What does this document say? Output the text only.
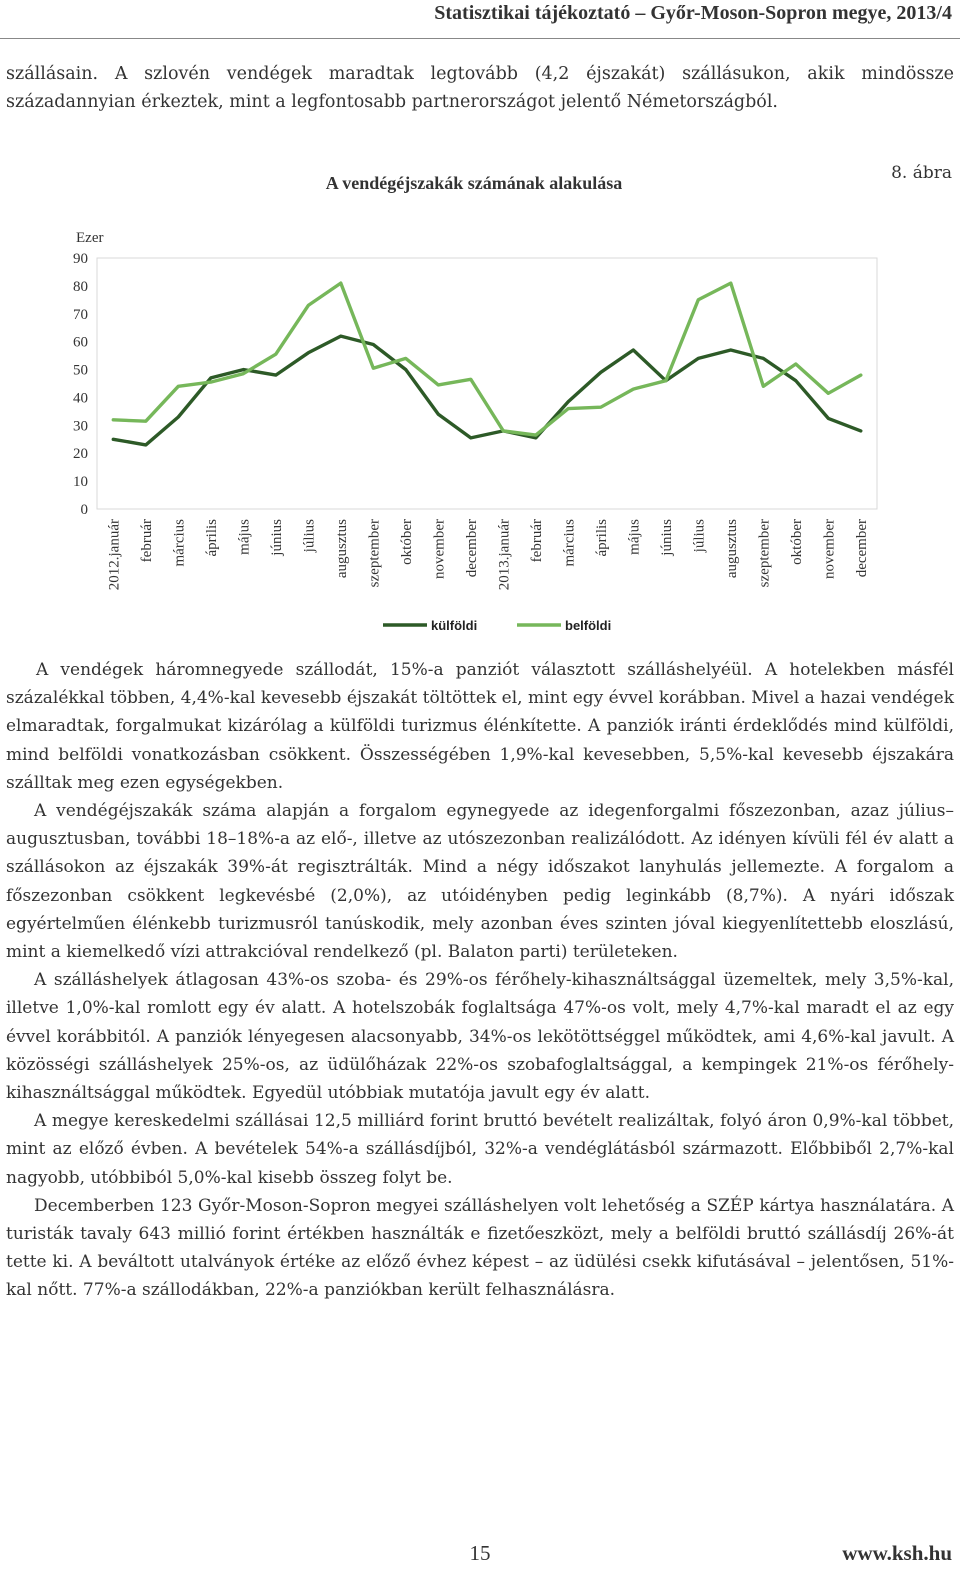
Statisztikai tájékoztató – Győr-Moson-Sopron megye, 2013/4

szállásain. A szlovén vendégek maradtak legtovább (4,2 éjszakát) szállásukon, akik mindössze századannyian érkeztek, mint a legfontosabb partnerországot jelentő Németországból.

8. ábra
A vendégéjszakák számának alakulása
Ezer
0
10
20
30
40
50
60
70
80
90
2012.január február március április május június július augusztus szeptember október november december 2013.január február március április május június július augusztus szeptember október november december
külföldi	belföldi

A vendégek háromnegyede szállodát, 15%-a panziót választott szálláshelyéül. A hotelekben másfél százalékkal többen, 4,4%-kal kevesebb éjszakát töltöttek el, mint egy évvel korábban. Mivel a hazai vendégek elmaradtak, forgalmukat kizárólag a külföldi turizmus élénkítette. A panziók iránti érdeklődés mind külföldi, mind belföldi vonatkozásban csökkent. Összességében 1,9%-kal kevesebben, 5,5%-kal kevesebb éjszakára szálltak meg ezen egységekben.

A vendégéjszakák száma alapján a forgalom egynegyede az idegenforgalmi főszezonban, azaz július–augusztusban, további 18–18%-a az elő-, illetve az utószezonban realizálódott. Az idényen kívüli fél év alatt a szállásokon az éjszakák 39%-át regisztrálták. Mind a négy időszakot lanyhulás jellemezte. A forgalom a főszezonban csökkent legkevésbé (2,0%), az utóidényben pedig leginkább (8,7%). A nyári időszak egyértelműen élénkebb turizmusról tanúskodik, mely azonban éves szinten jóval kiegyenlítettebb eloszlású, mint a kiemelkedő vízi attrakcióval rendelkező (pl. Balaton parti) területeken.

A szálláshelyek átlagosan 43%-os szoba- és 29%-os férőhely-kihasználtsággal üzemeltek, mely 3,5%-kal, illetve 1,0%-kal romlott egy év alatt. A hotelszobák foglaltsága 47%-os volt, mely 4,7%-kal maradt el az egy évvel korábbitól. A panziók lényegesen alacsonyabb, 34%-os lekötöttséggel működtek, ami 4,6%-kal javult. A közösségi szálláshelyek 25%-os, az üdülőházak 22%-os szobafoglaltsággal, a kempingek 21%-os férőhely-kihasználtsággal működtek. Egyedül utóbbiak mutatója javult egy év alatt.

A megye kereskedelmi szállásai 12,5 milliárd forint bruttó bevételt realizáltak, folyó áron 0,9%-kal többet, mint az előző évben. A bevételek 54%-a szállásdíjból, 32%-a vendéglátásból származott. Előbbiből 2,7%-kal nagyobb, utóbbiból 5,0%-kal kisebb összeg folyt be.

Decemberben 123 Győr-Moson-Sopron megyei szálláshelyen volt lehetőség a SZÉP kártya használatára. A turisták tavaly 643 millió forint értékben használták e fizetőeszközt, mely a belföldi bruttó szállásdíj 26%-át tette ki. A beváltott utalványok értéke az előző évhez képest – az üdülési csekk kifutásával – jelentősen, 51%-kal nőtt. 77%-a szállodákban, 22%-a panziókban került felhasználásra.

15	www.ksh.hu
